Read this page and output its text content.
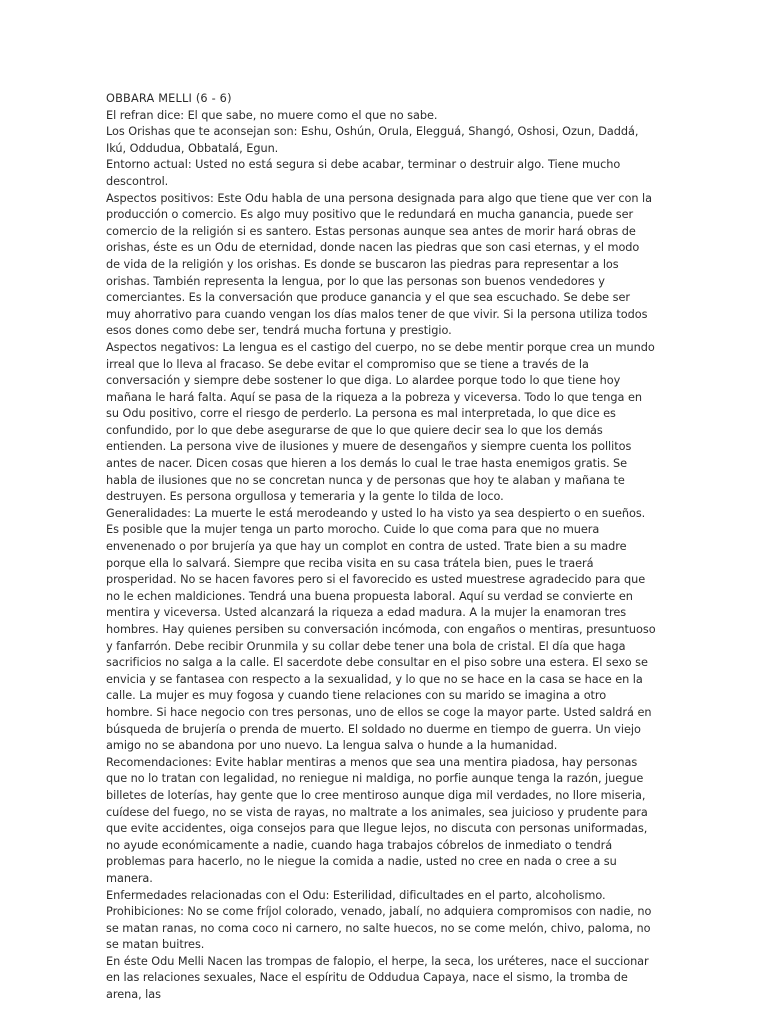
OBBARA MELLI (6 - 6)

El refran dice: El que sabe, no muere como el que no sabe.

Los Orishas que te aconsejan son: Eshu, Oshún, Orula, Elegguá, Shangó, Oshosi, Ozun, Daddá, Ikú, Oddudua, Obbatalá, Egun.

Entorno actual: Usted no está segura si debe acabar, terminar o destruir algo. Tiene mucho descontrol.

Aspectos positivos: Este Odu habla de una persona designada para algo que tiene que ver con la producción o comercio. Es algo muy positivo que le redundará en mucha ganancia, puede ser comercio de la religión si es santero. Estas personas aunque sea antes de morir hará obras de orishas, éste es un Odu de eternidad, donde nacen las piedras que son casi eternas, y el modo de vida de la religión y los orishas. Es donde se buscaron las piedras para representar a los orishas. También representa la lengua, por lo que las personas son buenos vendedores y comerciantes. Es la conversación que produce ganancia y el que sea escuchado. Se debe ser muy ahorrativo para cuando vengan los días malos tener de que vivir. Si la persona utiliza todos esos dones como debe ser, tendrá mucha fortuna y prestigio.

Aspectos negativos: La lengua es el castigo del cuerpo, no se debe mentir porque crea un mundo irreal que lo lleva al fracaso. Se debe evitar el compromiso que se tiene a través de la conversación y siempre debe sostener lo que diga. Lo alardee porque todo lo que tiene hoy mañana le hará falta. Aquí se pasa de la riqueza a la pobreza y viceversa. Todo lo que tenga en su Odu positivo, corre el riesgo de perderlo. La persona es mal interpretada, lo que dice es confundido, por lo que debe asegurarse de que lo que quiere decir sea lo que los demás entienden. La persona vive de ilusiones y muere de desengaños y siempre cuenta los pollitos antes de nacer. Dicen cosas que hieren a los demás lo cual le trae hasta enemigos gratis. Se habla de ilusiones que no se concretan nunca y de personas que hoy te alaban y mañana te destruyen. Es persona orgullosa y temeraria y la gente lo tilda de loco.

Generalidades: La muerte le está merodeando y usted lo ha visto ya sea despierto o en sueños. Es posible que la mujer tenga un parto morocho. Cuide lo que coma para que no muera envenenado o por brujería ya que hay un complot en contra de usted. Trate bien a su madre porque ella lo salvará. Siempre que reciba visita en su casa trátela bien, pues le traerá prosperidad. No se hacen favores pero si el favorecido es usted muestrese agradecido para que no le echen maldiciones. Tendrá una buena propuesta laboral. Aquí su verdad se convierte en mentira y viceversa. Usted alcanzará la riqueza a edad madura. A la mujer la enamoran tres hombres. Hay quienes persiben su conversación incómoda, con engaños o mentiras, presuntuoso y fanfarrón. Debe recibir Orunmila y su collar debe tener una bola de cristal. El día que haga sacrificios no salga a la calle. El sacerdote debe consultar en el piso sobre una estera. El sexo se envicia y se fantasea con respecto a la sexualidad, y lo que no se hace en la casa se hace en la calle. La mujer es muy fogosa y cuando tiene relaciones con su marido se imagina a otro hombre. Si hace negocio con tres personas, uno de ellos se coge la mayor parte. Usted saldrá en búsqueda de brujería o prenda de muerto. El soldado no duerme en tiempo de guerra. Un viejo amigo no se abandona por uno nuevo. La lengua salva o hunde a la humanidad.

Recomendaciones: Evite hablar mentiras a menos que sea una mentira piadosa, hay personas que no lo tratan con legalidad, no reniegue ni maldiga, no porfie aunque tenga la razón, juegue billetes de loterías, hay gente que lo cree mentiroso aunque diga mil verdades, no llore miseria, cuídese del fuego, no se vista de rayas, no maltrate a los animales, sea juicioso y prudente para que evite accidentes, oiga consejos para que llegue lejos, no discuta con personas uniformadas, no ayude económicamente a nadie, cuando haga trabajos cóbrelos de inmediato o tendrá problemas para hacerlo, no le niegue la comida a nadie, usted no cree en nada o cree a su manera.

Enfermedades relacionadas con el Odu: Esterilidad, dificultades en el parto, alcoholismo.

Prohibiciones: No se come fríjol colorado, venado, jabalí, no adquiera compromisos con nadie, no se matan ranas, no coma coco ni carnero, no salte huecos, no se come melón, chivo, paloma, no se matan buitres.

En éste Odu Melli Nacen las trompas de falopio, el herpe, la seca, los uréteres, nace el succionar en las relaciones sexuales, Nace el espíritu de Oddudua Capaya, nace el sismo, la tromba de arena, las
